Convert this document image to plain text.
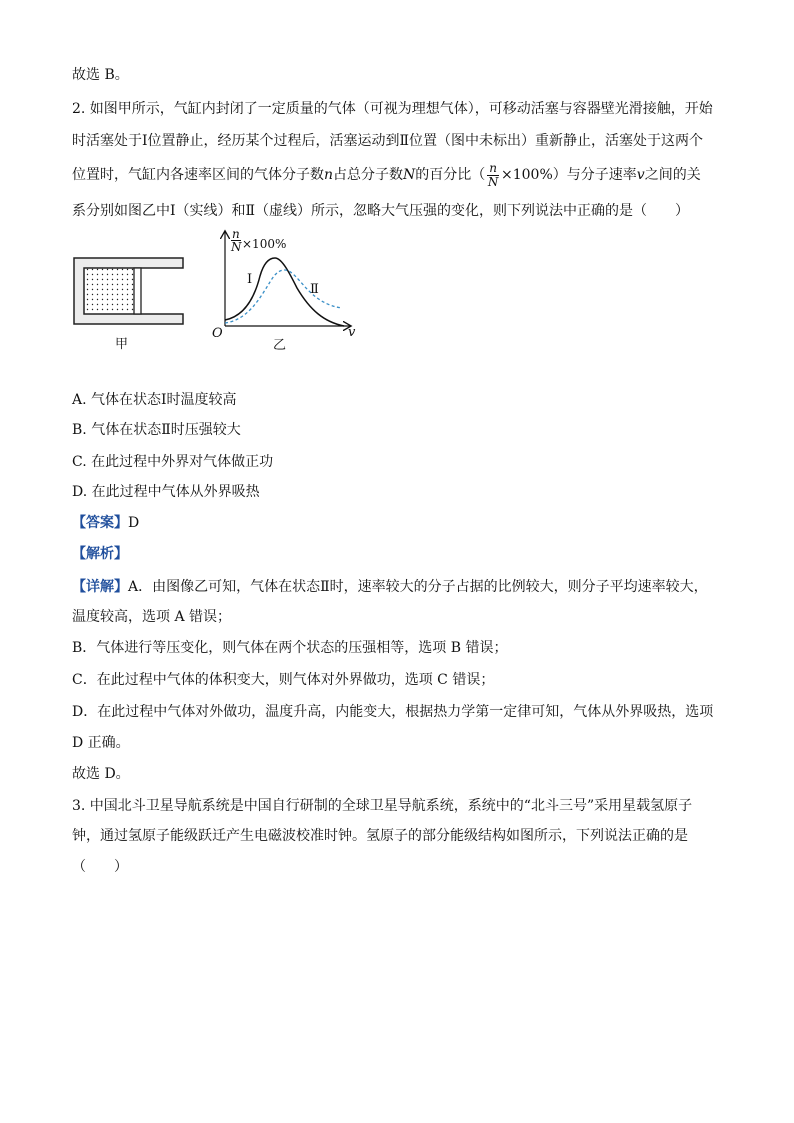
故选 B。
2. 如图甲所示，气缸内封闭了一定质量的气体（可视为理想气体），可移动活塞与容器壁光滑接触，开始
时活塞处于Ⅰ位置静止，经历某个过程后，活塞运动到Ⅱ位置（图中未标出）重新静止，活塞处于这两个
位置时，气缸内各速率区间的气体分子数n占总分子数N的百分比（ $\frac{n}{N} \times 100\%$）与分子速率v之间的关
系分别如图乙中Ⅰ（实线）和Ⅱ（虚线）所示，忽略大气压强的变化，则下列说法中正确的是（　　）
甲
n
N ×100%
Ⅰ
Ⅱ
O	v
乙
A. 气体在状态Ⅰ时温度较高
B. 气体在状态Ⅱ时压强较大
C. 在此过程中外界对气体做正功
D. 在此过程中气体从外界吸热
【答案】D
【解析】
【详解】A．由图像乙可知，气体在状态Ⅱ时，速率较大的分子占据的比例较大，则分子平均速率较大，
温度较高，选项 A 错误；
B．气体进行等压变化，则气体在两个状态的压强相等，选项 B 错误；
C．在此过程中气体的体积变大，则气体对外界做功，选项 C 错误；
D．在此过程中气体对外做功，温度升高，内能变大，根据热力学第一定律可知，气体从外界吸热，选项
D 正确。
故选 D。
3. 中国北斗卫星导航系统是中国自行研制的全球卫星导航系统，系统中的“北斗三号”采用星载氢原子
钟，通过氢原子能级跃迁产生电磁波校准时钟。氢原子的部分能级结构如图所示，下列说法正确的是
（　　）
